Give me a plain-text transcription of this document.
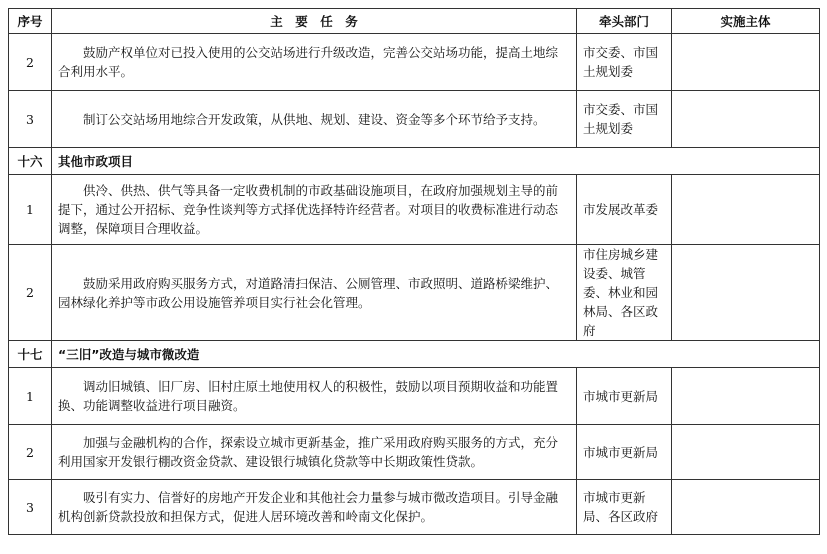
序号	主　要　任　务	牵头部门	实施主体
2	鼓励产权单位对已投入使用的公交站场进行升级改造，完善公交站场功能，提高土地综合利用水平。	市交委、市国土规划委	
3	制订公交站场用地综合开发政策，从供地、规划、建设、资金等多个环节给予支持。	市交委、市国土规划委	
十六	其他市政项目		
1	供冷、供热、供气等具备一定收费机制的市政基础设施项目，在政府加强规划主导的前提下，通过公开招标、竞争性谈判等方式择优选择特许经营者。对项目的收费标准进行动态调整，保障项目合理收益。	市发展改革委	
2	鼓励采用政府购买服务方式，对道路清扫保洁、公厕管理、市政照明、道路桥梁维护、园林绿化养护等市政公用设施管养项目实行社会化管理。	市住房城乡建设委、城管委、林业和园林局、各区政府	
十七	“三旧”改造与城市微改造		
1	调动旧城镇、旧厂房、旧村庄原土地使用权人的积极性，鼓励以项目预期收益和功能置换、功能调整收益进行项目融资。	市城市更新局	
2	加强与金融机构的合作，探索设立城市更新基金，推广采用政府购买服务的方式，充分利用国家开发银行棚改资金贷款、建设银行城镇化贷款等中长期政策性贷款。	市城市更新局	
3	吸引有实力、信誉好的房地产开发企业和其他社会力量参与城市微改造项目。引导金融机构创新贷款投放和担保方式，促进人居环境改善和岭南文化保护。	市城市更新局、各区政府	
